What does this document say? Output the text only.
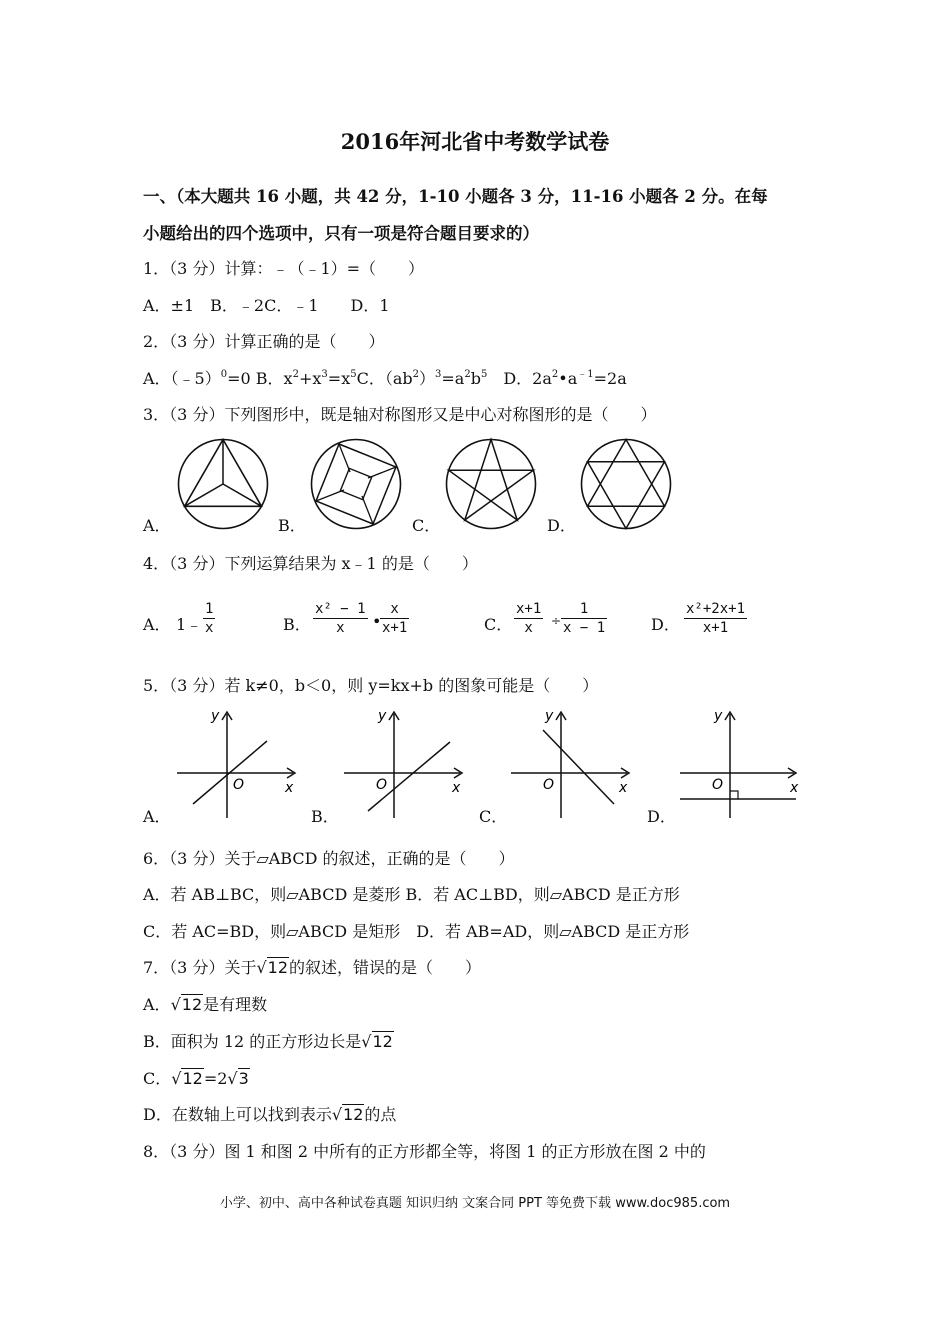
2016年河北省中考数学试卷
一、（本大题共 16 小题，共 42 分，1-10 小题各 3 分，11-16 小题各 2 分。在每
小题给出的四个选项中，只有一项是符合题目要求的）
1．（3 分）计算：﹣（﹣1）=（　　）
A．±1　B．﹣2C．﹣1　　D．1
2．（3 分）计算正确的是（　　）
A．（﹣5）$^0$=0 B．$x^2+x^3=x^5C$．$(ab^2)^3=a^2b^5$　D．$2a^2•a^{﹣1}=2a$
3．（3 分）下列图形中，既是轴对称图形又是中心对称图形的是（　　）
A．	B．	C．	D．
4．（3 分）下列运算结果为 x﹣1 的是（　　）
A． 1﹣
1
x	B．
x² − 1
x	•
x
x+1	C．
x+1
x	÷
1
x − 1	D．
x²+2x+1
x+1
5．（3 分）若 k≠0，b＜0，则 y=kx+b 的图象可能是（　　）
A．
y
x
O
B．
y
x
O
C．
y
x
O
D．
y
x
O
6．（3 分）关于▱ABCD 的叙述，正确的是（　　）
A．若 AB⊥BC，则▱ABCD 是菱形 B．若 AC⊥BD，则▱ABCD 是正方形
C．若 AC=BD，则▱ABCD 是矩形　D．若 AB=AD，则▱ABCD 是正方形
7．（3 分）关于√12的叙述，错误的是（　　）
A．√12是有理数
B．面积为 12 的正方形边长是√12
C．√12=2√3
D．在数轴上可以找到表示√12的点
8．（3 分）图 1 和图 2 中所有的正方形都全等，将图 1 的正方形放在图 2 中的
小学、初中、高中各种试卷真题 知识归纳 文案合同 PPT 等免费下载 www.doc985.com
